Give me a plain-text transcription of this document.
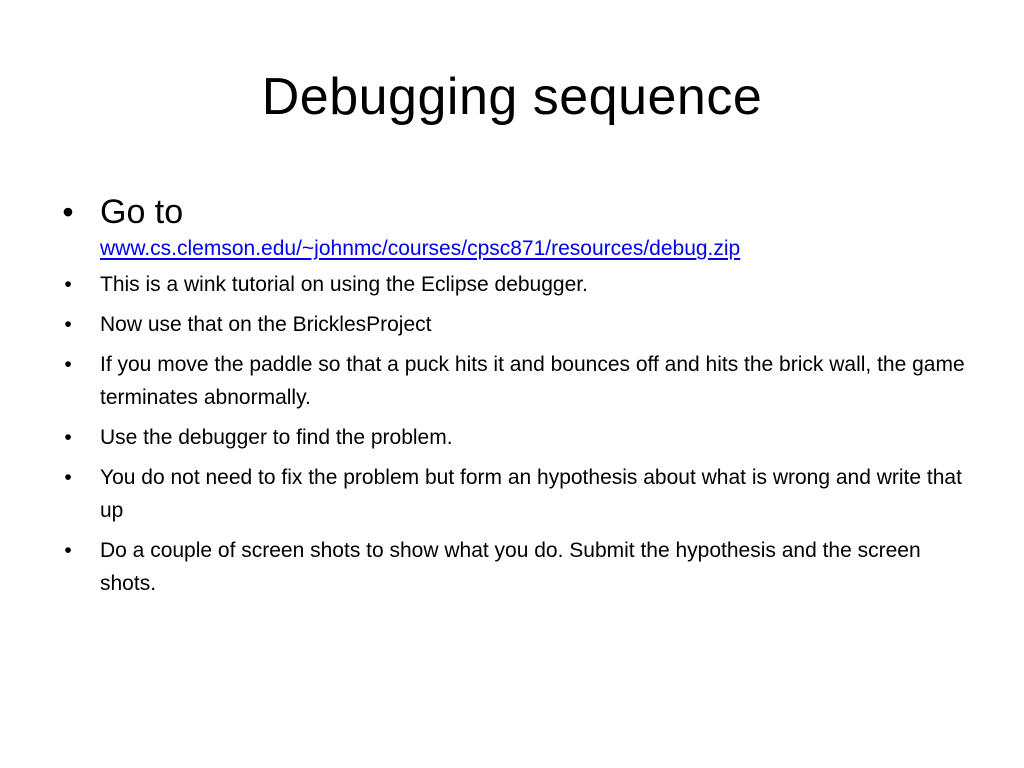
Debugging sequence
• Go to
www.cs.clemson.edu/~johnmc/courses/cpsc871/resources/debug.zip
•	This is a wink tutorial on using the Eclipse debugger.
•	Now use that on the BricklesProject
•	If you move the paddle so that a puck hits it and bounces off and hits the brick wall, the game terminates abnormally.
•	Use the debugger to find the problem.
•	You do not need to fix the problem but form an hypothesis about what is wrong and write that up
•	Do a couple of screen shots to show what you do. Submit the hypothesis and the screen shots.
